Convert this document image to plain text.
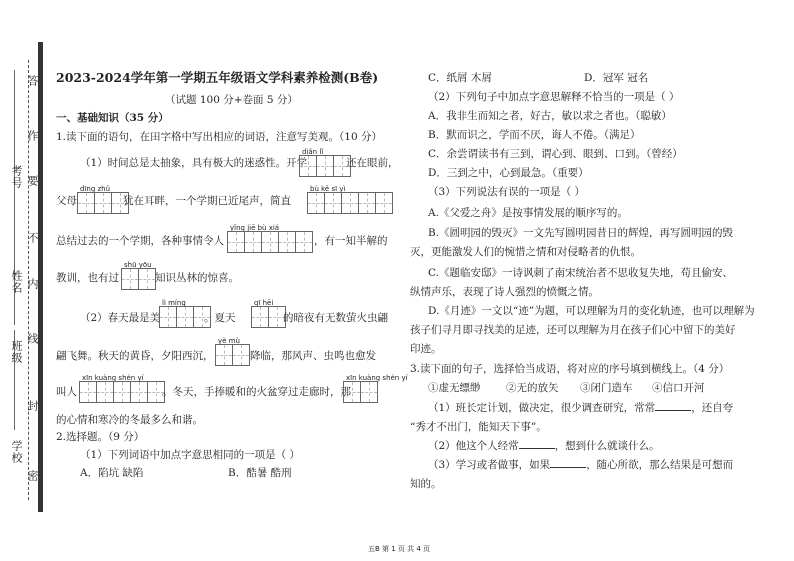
学校
班级
姓名
考号
密
封
线
内
不
要
作
答 2023-2024学年第一学期五年级语文学科素养检测(B卷)
（试题 100 分+卷面 5 分）
一、基础知识（35 分）
1.读下面的语句，在田字格中写出相应的词语，注意写美观。（10 分）
（1）时间总是太抽象，具有极大的迷惑性。开学
diǎn lǐ
还在眼前，
父母
dīng zhǔ
犹在耳畔，一个学期已近尾声，简直
bù kě sī yì
总结过去的一个学期，各种事情令人
yǐng jiē bù xiá
，有一知半解的
教训，也有过
shū yōu
知识丛林的惊喜。
（2）春天最是美
lì míng
。夏天
qī hēi
的暗夜有无数萤火虫翩
翩飞舞。秋天的黄昏，夕阳西沉，
yè mù
降临，那风声、虫鸣也愈发
叫人
xīn kuàng shén yí
。冬天，手捧暖和的火盆穿过走廊时，那
xīn kuàng shén yí
的心情和寒冷的冬最多么和谐。
2.选择题。（9 分）
（1）下列词语中加点字意思相同的一项是（ ）
A．陷坑 缺陷	B．酷暑 酷刑
C．纸屑 木屑	D．冠军 冠名
（2）下列句子中加点字意思解释不恰当的一项是（ ）
A．我非生而知之者，好古，敏以求之者也。（聪敏）
B．默而识之，学而不厌，诲人不倦。（满足）
C．余尝谓读书有三到，谓心到、眼到、口到。（曾经）
D．三到之中，心到最急。（重要）
（3）下列说法有误的一项是（ ）
A.《父爱之舟》是按事情发展的顺序写的。
B.《圆明园的毁灭》一文先写圆明园昔日的辉煌，再写圆明园的毁
灭，更能激发人们的惋惜之情和对侵略者的仇恨。
C.《题临安邸》一诗讽刺了南宋统治者不思收复失地，苟且偷安、
纵情声乐，表现了诗人强烈的愤慨之情。
D.《月迹》一文以“迹”为题，可以理解为月的变化轨迹，也可以理解为
孩子们寻月即寻找美的足迹，还可以理解为月在孩子们心中留下的美好
印迹。
3.读下面的句子，选择恰当成语，将对应的序号填到横线上。（4 分）
①虚无缥缈 ②无的放矢 ③闭门造车 ④信口开河
（1）班长定计划，做决定，很少调查研究，常常	，还自夸
“秀才不出门，能知天下事”。
（2）他这个人经常	，想到什么就谈什么。
（3）学习或者做事，如果	，随心所欲，那么结果是可想而
知的。
五B 第 1 页 共 4 页
